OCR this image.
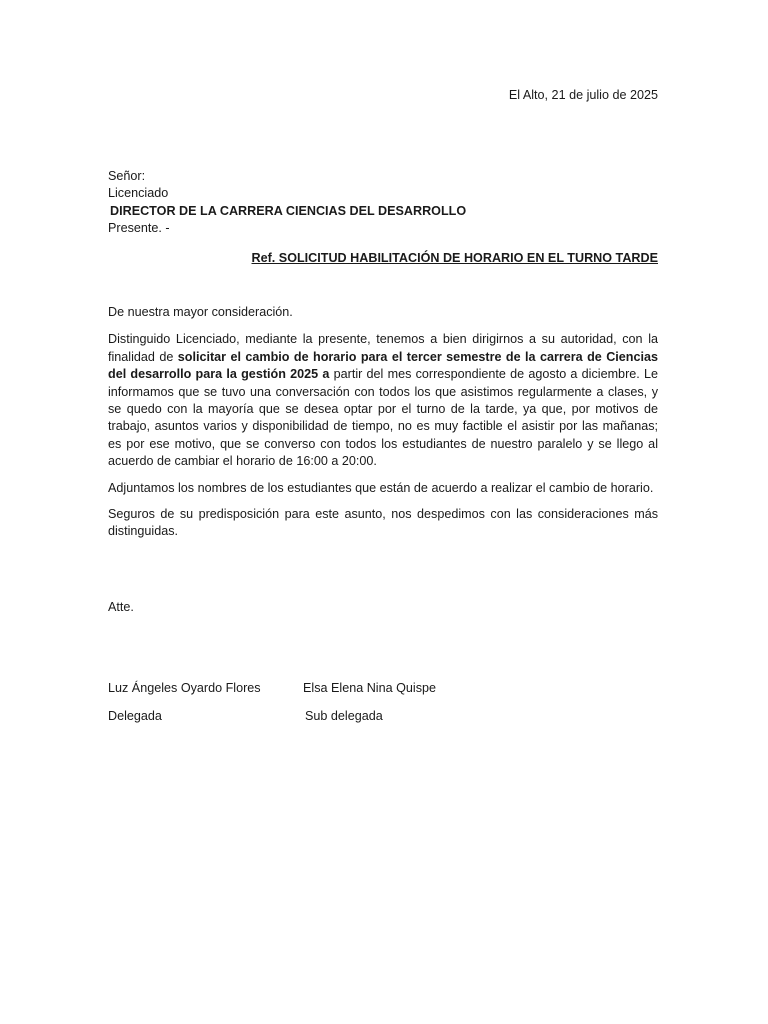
El Alto, 21 de julio de 2025
Señor:
Licenciado
DIRECTOR DE LA CARRERA CIENCIAS DEL DESARROLLO
Presente. -
Ref. SOLICITUD HABILITACIÓN DE HORARIO EN EL TURNO TARDE

De nuestra mayor consideración.

Distinguido Licenciado, mediante la presente, tenemos a bien dirigirnos a su autoridad, con la finalidad de solicitar el cambio de horario para el tercer semestre de la carrera de Ciencias del desarrollo para la gestión 2025 a partir del mes correspondiente de agosto a diciembre. Le informamos que se tuvo una conversación con todos los que asistimos regularmente a clases, y se quedo con la mayoría que se desea optar por el turno de la tarde, ya que, por motivos de trabajo, asuntos varios y disponibilidad de tiempo, no es muy factible el asistir por las mañanas; es por ese motivo, que se converso con todos los estudiantes de nuestro paralelo y se llego al acuerdo de cambiar el horario de 16:00 a 20:00.

Adjuntamos los nombres de los estudiantes que están de acuerdo a realizar el cambio de horario.

Seguros de su predisposición para este asunto, nos despedimos con las consideraciones más distinguidas.

Atte.
Luz Ángeles Oyardo Flores
Delegada
Elsa Elena Nina Quispe
Sub delegada
